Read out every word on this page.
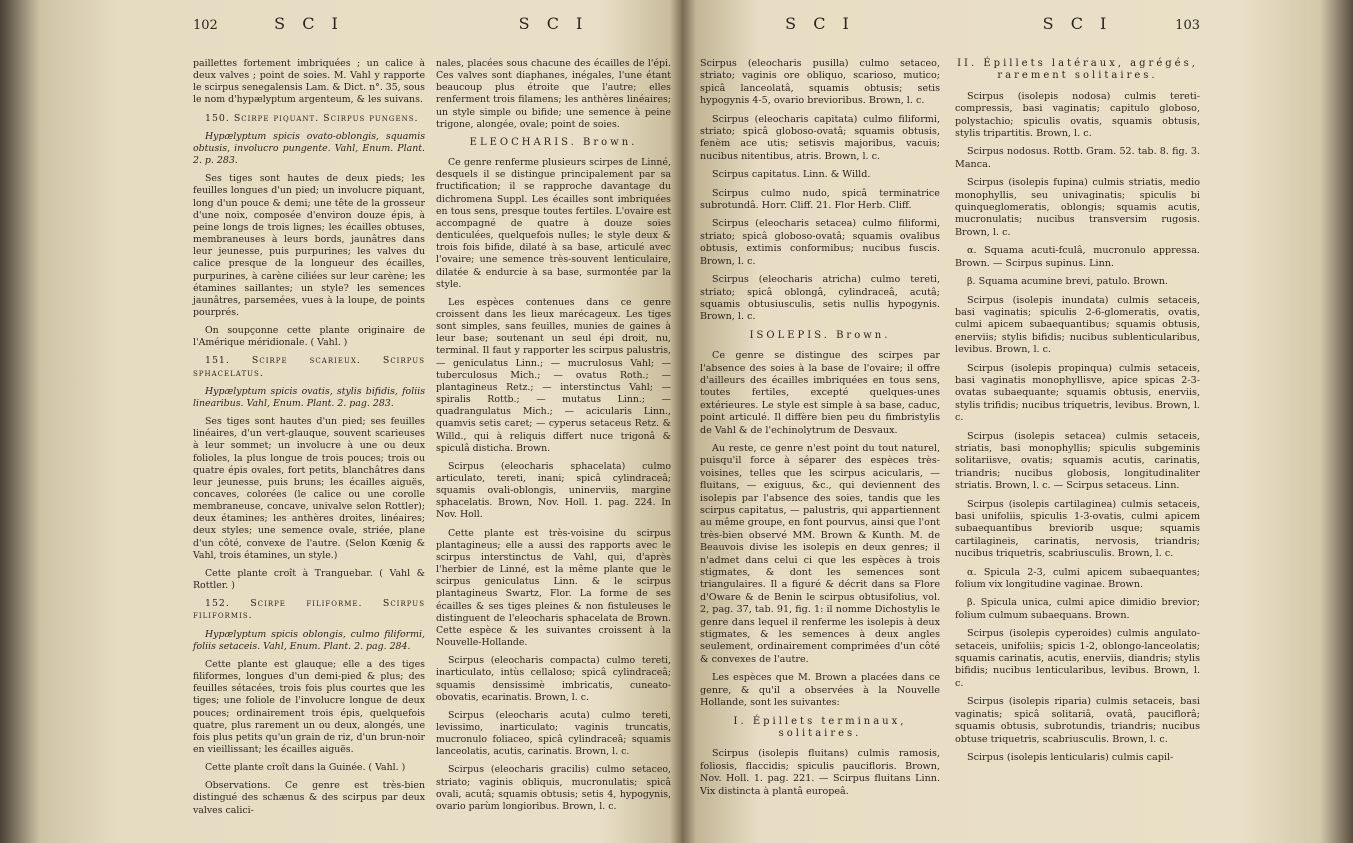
102	S C I

paillettes fortement imbriquées ; un calice à deux valves ; point de soies. M. Vahl y rapporte le scirpus senegalensis Lam. & Dict. n°. 35, sous le nom d'hypælyptum argenteum, & les suivans.

150. Scirpe piquant. Scirpus pungens.

Hypælyptum spicis ovato-oblongis, squamis obtusis, involucro pungente. Vahl, Enum. Plant. 2. p. 283.

Ses tiges sont hautes de deux pieds; les feuilles longues d'un pied; un involucre piquant, long d'un pouce & demi; une tête de la grosseur d'une noix, composée d'environ douze épis, à peine longs de trois lignes; les écailles obtuses, membraneuses à leurs bords, jaunâtres dans leur jeunesse, puis purpurines; les valves du calice presque de la longueur des écailles, purpurines, à carène ciliées sur leur carène; les étamines saillantes; un style? les semences jaunâtres, parsemées, vues à la loupe, de points pourprés.

On soupçonne cette plante originaire de l'Amérique méridionale. ( Vahl. )

151. Scirpe scarieux. Scirpus sphacelatus.

Hypælyptum spicis ovatis, stylis bifidis, foliis linearibus. Vahl, Enum. Plant. 2. pag. 283.

Ses tiges sont hautes d'un pied; ses feuilles linéaires, d'un vert-glauque, souvent scarieuses à leur sommet; un involucre à une ou deux folioles, la plus longue de trois pouces; trois ou quatre épis ovales, fort petits, blanchâtres dans leur jeunesse, puis bruns; les écailles aiguës, concaves, colorées (le calice ou une corolle membraneuse, concave, univalve selon Rottler); deux étamines; les anthères droites, linéaires; deux styles; une semence ovale, striée, plane d'un côté, convexe de l'autre. (Selon Kœnig & Vahl, trois étamines, un style.)

Cette plante croît à Tranguebar. ( Vahl & Rottler. )

152. Scirpe filiforme. Scirpus filiformis.

Hypælyptum spicis oblongis, culmo filiformi, foliis setaceis. Vahl, Enum. Plant. 2. pag. 284.

Cette plante est glauque; elle a des tiges filiformes, longues d'un demi-pied & plus; des feuilles sétacées, trois fois plus courtes que les tiges; une foliole de l'involucre longue de deux pouces; ordinairement trois épis, quelquefois quatre, plus rarement un ou deux, alongés, une fois plus petits qu'un grain de riz, d'un brun-noir en vieillissant; les écailles aiguës.

Cette plante croît dans la Guinée. ( Vahl. )

Observations. Ce genre est très-bien distingué des schænus & des scirpus par deux valves calici-

S C I

nales, placées sous chacune des écailles de l'épi. Ces valves sont diaphanes, inégales, l'une étant beaucoup plus étroite que l'autre; elles renferment trois filamens; les anthères linéaires; un style simple ou bifide; une semence à peine trigone, alongée, ovale; point de soies.

ELEOCHARIS. Brown.

Ce genre renferme plusieurs scirpes de Linné, desquels il se distingue principalement par sa fructification; il se rapproche davantage du dichromena Suppl. Les écailles sont imbriquées en tous sens, presque toutes fertiles. L'ovaire est accompagné de quatre à douze soies denticulées, quelquefois nulles; le style deux & trois fois bifide, dilaté à sa base, articulé avec l'ovaire; une semence très-souvent lenticulaire, dilatée & endurcie à sa base, surmontée par la style.

Les espèces contenues dans ce genre croissent dans les lieux marécageux. Les tiges sont simples, sans feuilles, munies de gaines à leur base; soutenant un seul épi droit, nu, terminal. Il faut y rapporter les scirpus palustris, — geniculatus Linn.; — mucrulosus Vahl; — tuberculosus Mich.; — ovatus Roth.; — plantagineus Retz.; — interstinctus Vahl; — spiralis Rottb.; — mutatus Linn.; — quadrangulatus Mich.; — acicularis Linn., quamvis setis caret; — cyperus setaceus Retz. & Willd., qui à reliquis differt nuce trigonâ & spiculâ disticha. Brown.

Scirpus (eleocharis sphacelata) culmo articulato, tereti, inani; spicâ cylindraceâ; squamis ovali-oblongis, uninerviis, margine sphacelatis. Brown, Nov. Holl. 1. pag. 224. In Nov. Holl.

Cette plante est très-voisine du scirpus plantagineus; elle a aussi des rapports avec le scirpus interstinctus de Vahl, qui, d'après l'herbier de Linné, est la même plante que le scirpus geniculatus Linn. & le scirpus plantagineus Swartz, Flor. La forme de ses écailles & ses tiges pleines & non fistuleuses le distinguent de l'eleocharis sphacelata de Brown. Cette espèce & les suivantes croissent à la Nouvelle-Hollande.

Scirpus (eleocharis compacta) culmo tereti, inarticulato, intùs cellaloso; spicâ cylindraceâ; squamis densissimè imbricatis, cuneato-obovatis, ecarinatis. Brown, l. c.

Scirpus (eleocharis acuta) culmo tereti, levissimo, inarticulato; vaginis truncatis, mucronulo foliaceo, spicâ cylindraceâ; squamis lanceolatis, acutis, carinatis. Brown, l. c.

Scirpus (eleocharis gracilis) culmo setaceo, striato; vaginis obliquis, mucronulatis; spicâ ovali, acutâ; squamis obtusis; setis 4, hypogynis, ovario parùm longioribus. Brown, l. c.

103
S C I

Scirpus (eleocharis pusilla) culmo setaceo, striato; vaginis ore obliquo, scarioso, mutico; spicâ lanceolatâ, squamis obtusis; setis hypogynis 4-5, ovario brevioribus. Brown, l. c.

Scirpus (eleocharis capitata) culmo filiformi, striato; spicâ globoso-ovatâ; squamis obtusis, fenèm ace utis; setisvis majoribus, vacuis; nucibus nitentibus, atris. Brown, l. c.

Scirpus capitatus. Linn. & Willd.

Scirpus culmo nudo, spicâ terminatrice subrotundâ. Horr. Cliff. 21. Flor Herb. Cliff.

Scirpus (eleocharis setacea) culmo filiformi, striato; spicâ globoso-ovatâ; squamis ovalibus obtusis, extimis conformibus; nucibus fuscis. Brown, l. c.

Scirpus (eleocharis atricha) culmo tereti, striato; spicâ oblongâ, cylindraceâ, acutâ; squamis obtusiusculis, setis nullis hypogynis. Brown, l. c.

ISOLEPIS. Brown.

Ce genre se distingue des scirpes par l'absence des soies à la base de l'ovaire; il offre d'ailleurs des écailles imbriquées en tous sens, toutes fertiles, excepté quelques-unes extérieures. Le style est simple à sa base, caduc, point articulé. Il diffère bien peu du fimbristylis de Vahl & de l'echinolytrum de Desvaux.

Au reste, ce genre n'est point du tout naturel, puisqu'il force à séparer des espèces très-voisines, telles que les scirpus acicularis, — fluitans, — exiguus, &c., qui deviennent des isolepis par l'absence des soies, tandis que les scirpus capitatus, — palustris, qui appartiennent au même groupe, en font pourvus, ainsi que l'ont très-bien observé MM. Brown & Kunth. M. de Beauvois divise les isolepis en deux genres; il n'admet dans celui ci que les espèces à trois stigmates, & dont les semences sont triangulaires. Il a figuré & décrit dans sa Flore d'Oware & de Benin le scirpus obtusifolius, vol. 2, pag. 37, tab. 91, fig. 1: il nomme Dichostylis le genre dans lequel il renferme les isolepis à deux stigmates, & les semences à deux angles seulement, ordinairement comprimées d'un côté & convexes de l'autre.

Les espèces que M. Brown a placées dans ce genre, & qu'il a observées à la Nouvelle Hollande, sont les suivantes:

I. Épillets terminaux, solitaires.

Scirpus (isolepis fluitans) culmis ramosis, foliosis, flaccidis; spiculis paucifloris. Brown, Nov. Holl. 1. pag. 221. — Scirpus fluitans Linn. Vix distincta à plantâ europeâ.

S C I

II. Épillets latéraux, agrégés, rarement solitaires.

Scirpus (isolepis nodosa) culmis tereti-compressis, basi vaginatis; capitulo globoso, polystachio; spiculis ovatis, squamis obtusis, stylis tripartitis. Brown, l. c.

Scirpus nodosus. Rottb. Gram. 52. tab. 8. fig. 3. Manca.

Scirpus (isolepis fupina) culmis striatis, medio monophyllis, seu univaginatis; spiculis bi quinqueglomeratis, oblongis; squamis acutis, mucronulatis; nucibus transversim rugosis. Brown, l. c.

α. Squama acuti-fculâ, mucronulo appressa. Brown. — Scirpus supinus. Linn.

β. Squama acumine brevi, patulo. Brown.

Scirpus (isolepis inundata) culmis setaceis, basi vaginatis; spiculis 2-6-glomeratis, ovatis, culmi apicem subaequantibus; squamis obtusis, enerviis; stylis bifidis; nucibus sublenticularibus, levibus. Brown, l. c.

Scirpus (isolepis propinqua) culmis setaceis, basi vaginatis monophyllisve, apice spicas 2-3-ovatas subaequante; squamis obtusis, enerviis, stylis trifidis; nucibus triquetris, levibus. Brown, l. c.

Scirpus (isolepis setacea) culmis setaceis, striatis, basi monophyllis; spiculis subgeminis solitariisve, ovatis; squamis acutis, carinatis, triandris; nucibus globosis, longitudinaliter striatis. Brown, l. c. — Scirpus setaceus. Linn.

Scirpus (isolepis cartilaginea) culmis setaceis, basi unifoliis, spiculis 1-3-ovatis, culmi apicem subaequantibus breviorib usque; squamis cartilagineis, carinatis, nervosis, triandris; nucibus triquetris, scabriusculis. Brown, l. c.

α. Spicula 2-3, culmi apicem subaequantes; folium vix longitudine vaginae. Brown.

β. Spicula unica, culmi apice dimidio brevior; folium culmum subaequans. Brown.

Scirpus (isolepis cyperoides) culmis angulato-setaceis, unifoliis; spicis 1-2, oblongo-lanceolatis; squamis carinatis, acutis, enerviis, diandris; stylis bifidis; nucibus lenticularibus, levibus. Brown, l. c.

Scirpus (isolepis riparia) culmis setaceis, basi vaginatis; spicâ solitariâ, ovatâ, pauciflorâ; squamis obtusis, subrotundis, triandris; nucibus obtuse triquetris, scabriusculis. Brown, l. c.

Scirpus (isolepis lenticularis) culmis capil-
